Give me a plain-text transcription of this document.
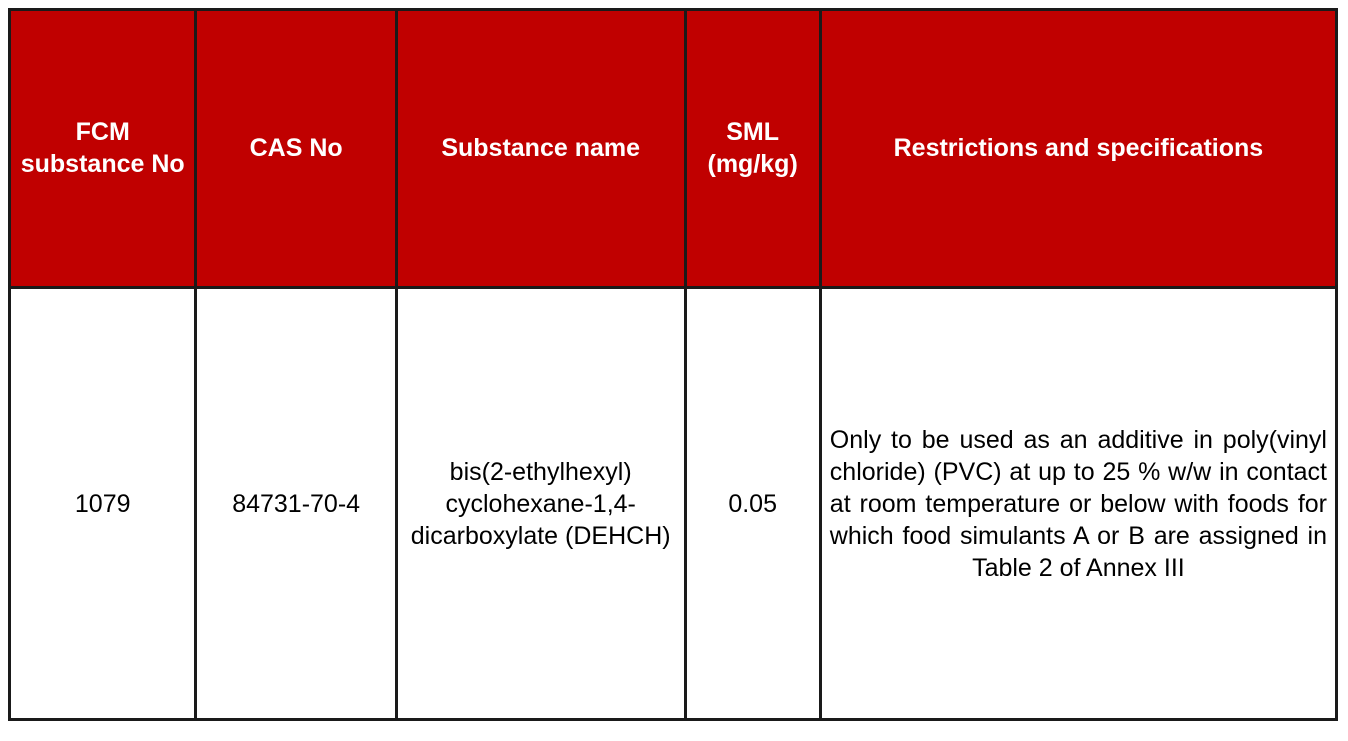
FCM substance No	CAS No	Substance name	SML (mg/kg)	Restrictions and specifications
1079	84731-70-4	bis(2-ethylhexyl) cyclohexane-1,4-dicarboxylate (DEHCH)	0.05	Only to be used as an additive in poly(vinyl chloride) (PVC) at up to 25 % w/w in contact at room temperature or below with foods for which food simulants A or B are assigned in Table 2 of Annex III
